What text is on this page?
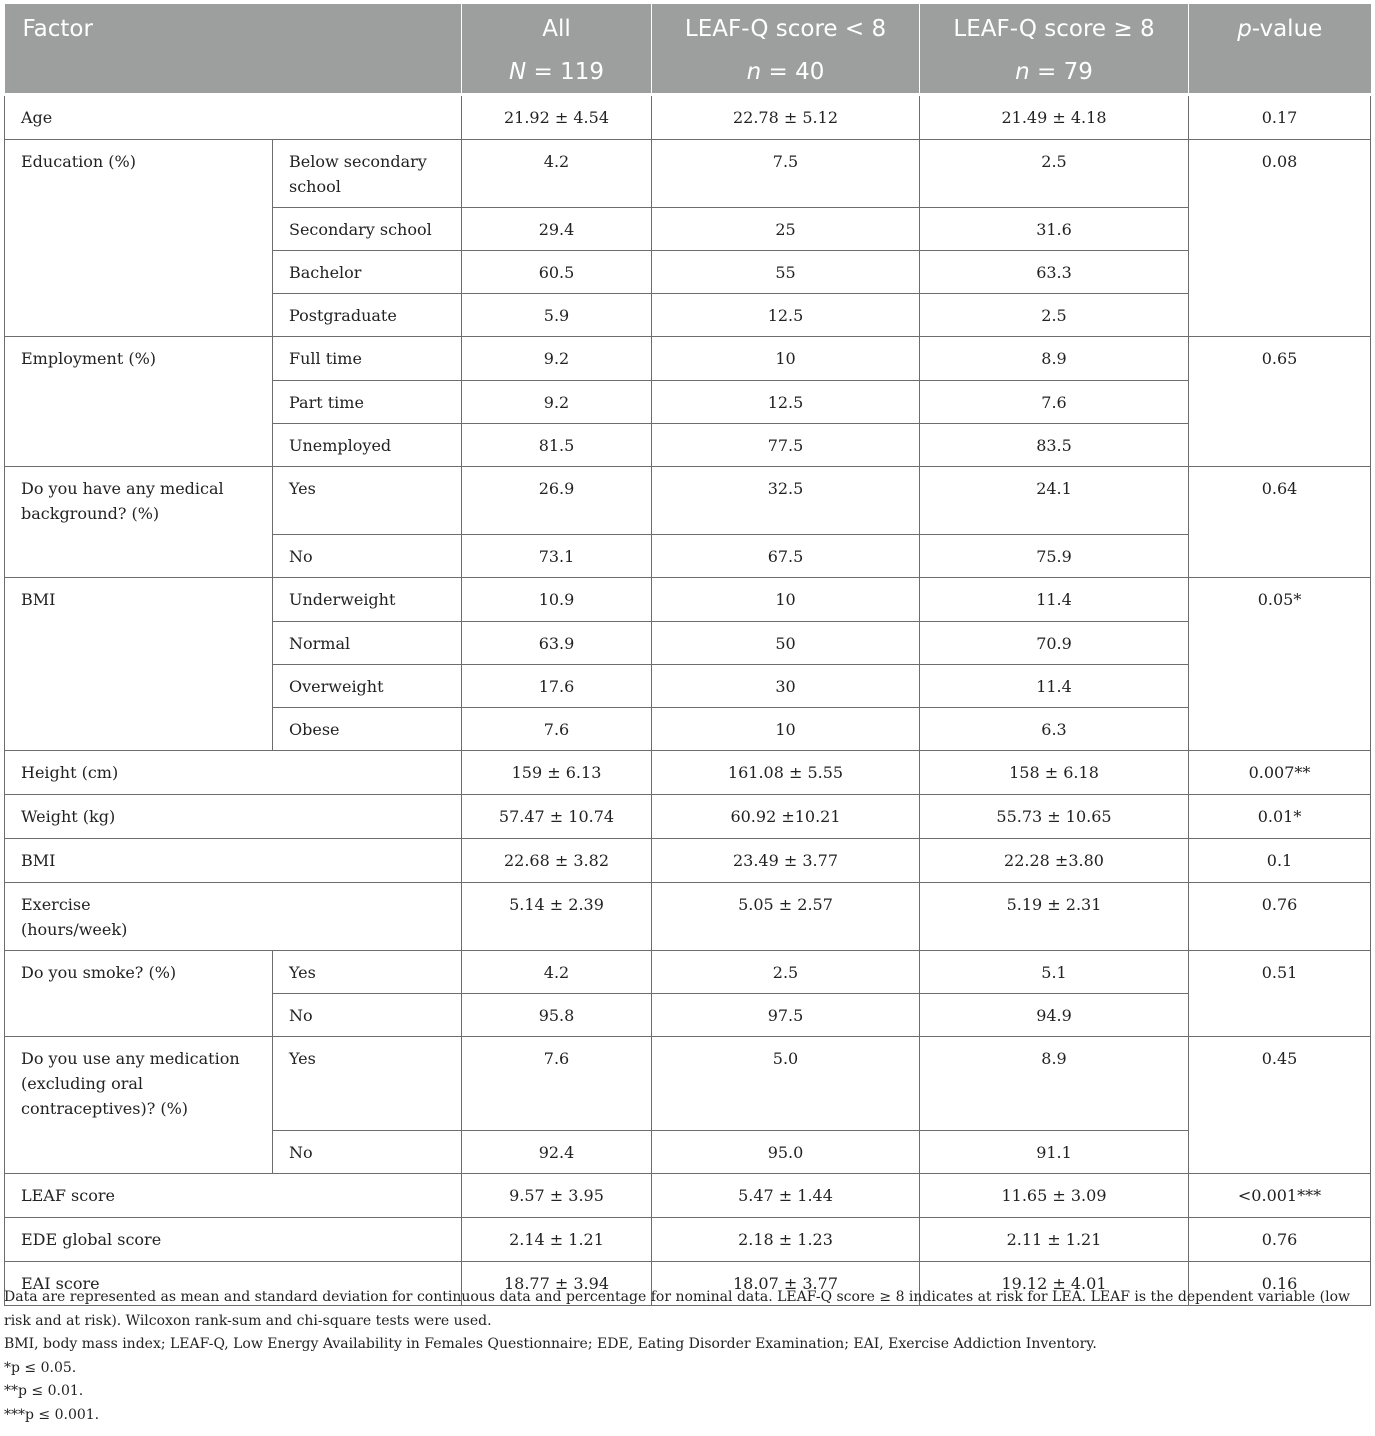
Factor		All	LEAF-Q score < 8	LEAF-Q score ≥ 8	p-value
		N = 119	n = 40	n = 79	
Age		21.92 ± 4.54	22.78 ± 5.12	21.49 ± 4.18	0.17
Education (%)	Below secondary school	4.2	7.5	2.5	0.08
	Secondary school	29.4	25	31.6	
	Bachelor	60.5	55	63.3	
	Postgraduate	5.9	12.5	2.5	
Employment (%)	Full time	9.2	10	8.9	0.65
	Part time	9.2	12.5	7.6	
	Unemployed	81.5	77.5	83.5	
Do you have any medical background? (%)	Yes	26.9	32.5	24.1	0.64
	No	73.1	67.5	75.9	
BMI	Underweight	10.9	10	11.4	0.05*
	Normal	63.9	50	70.9	
	Overweight	17.6	30	11.4	
	Obese	7.6	10	6.3	
Height (cm)		159 ± 6.13	161.08 ± 5.55	158 ± 6.18	0.007**
Weight (kg)		57.47 ± 10.74	60.92 ±10.21	55.73 ± 10.65	0.01*
BMI		22.68 ± 3.82	23.49 ± 3.77	22.28 ±3.80	0.1

Exercise (hours/week)		5.14 ± 2.39	5.05 ± 2.57	5.19 ± 2.31	0.76
Do you smoke? (%)	Yes	4.2	2.5	5.1	0.51
	No	95.8	97.5	94.9	
Do you use any medication (excluding oral contraceptives)? (%)	Yes	7.6	5.0	8.9	0.45
	No	92.4	95.0	91.1	
LEAF score		9.57 ± 3.95	5.47 ± 1.44	11.65 ± 3.09	<0.001***
EDE global score		2.14 ± 1.21	2.18 ± 1.23	2.11 ± 1.21	0.76
EAI score		18.77 ± 3.94	18.07 ± 3.77	19.12 ± 4.01	0.16

Data are represented as mean and standard deviation for continuous data and percentage for nominal data. LEAF-Q score ≥ 8 indicates at risk for LEA. LEAF is the dependent variable (low risk and at risk). Wilcoxon rank-sum and chi-square tests were used.

BMI, body mass index; LEAF-Q, Low Energy Availability in Females Questionnaire; EDE, Eating Disorder Examination; EAI, Exercise Addiction Inventory.

*p ≤ 0.05.

**p ≤ 0.01.

***p ≤ 0.001.
